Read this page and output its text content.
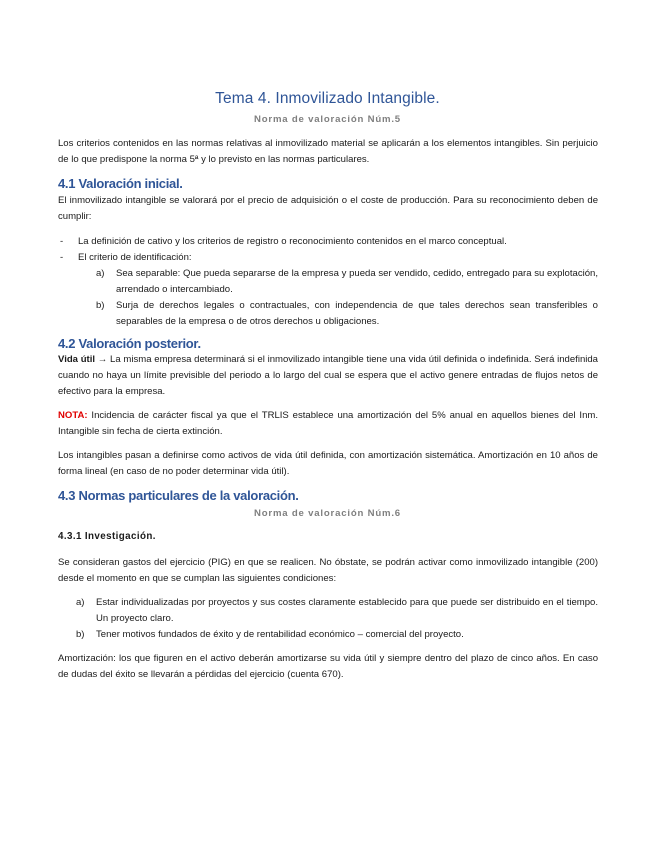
Tema 4. Inmovilizado Intangible.
Norma de valoración Núm.5

Los criterios contenidos en las normas relativas al inmovilizado material se aplicarán a los elementos intangibles. Sin perjuicio de lo que predispone la norma 5ª y lo previsto en las normas particulares.

4.1 Valoración inicial.

El inmovilizado intangible se valorará por el precio de adquisición o el coste de producción. Para su reconocimiento deben de cumplir:

- La definición de cativo y los criterios de registro o reconocimiento contenidos en el marco conceptual.
- El criterio de identificación:
a) Sea separable: Que pueda separarse de la empresa y pueda ser vendido, cedido, entregado para su explotación, arrendado o intercambiado.
b) Surja de derechos legales o contractuales, con independencia de que tales derechos sean transferibles o separables de la empresa o de otros derechos u obligaciones.
4.2 Valoración posterior.

Vida útil → La misma empresa determinará si el inmovilizado intangible tiene una vida útil definida o indefinida. Será indefinida cuando no haya un límite previsible del periodo a lo largo del cual se espera que el activo genere entradas de flujos netos de efectivo para la empresa.

NOTA: Incidencia de carácter fiscal ya que el TRLIS establece una amortización del 5% anual en aquellos bienes del Inm. Intangible sin fecha de cierta extinción.

Los intangibles pasan a definirse como activos de vida útil definida, con amortización sistemática. Amortización en 10 años de forma lineal (en caso de no poder determinar vida útil).

4.3 Normas particulares de la valoración.
Norma de valoración Núm.6
4.3.1 Investigación.

Se consideran gastos del ejercicio (PIG) en que se realicen. No óbstate, se podrán activar como inmovilizado intangible (200) desde el momento en que se cumplan las siguientes condiciones:

a) Estar individualizadas por proyectos y sus costes claramente establecido para que puede ser distribuido en el tiempo. Un proyecto claro.
b) Tener motivos fundados de éxito y de rentabilidad económico – comercial del proyecto.

Amortización: los que figuren en el activo deberán amortizarse su vida útil y siempre dentro del plazo de cinco años. En caso de dudas del éxito se llevarán a pérdidas del ejercicio (cuenta 670).
